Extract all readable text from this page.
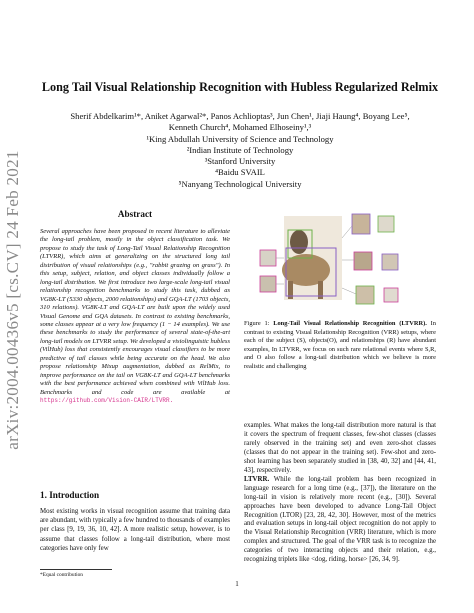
arXiv:2004.00436v5 [cs.CV] 24 Feb 2021
Long Tail Visual Relationship Recognition with Hubless Regularized Relmix
Sherif Abdelkarim¹*, Aniket Agarwal²*, Panos Achlioptas³, Jun Chen¹, Jiaji Haung⁴, Boyang Lee⁵,
Kenneth Church⁴, Mohamed Elhoseiny¹,³
¹King Abdullah University of Science and Technology
²Indian Institute of Technology
³Stanford University
⁴Baidu SVAIL
⁵Nanyang Technological University
Abstract
Several approaches have been proposed in recent literature to alleviate the long-tail problem, mostly in the object classification task. We propose to study the task of Long-Tail Visual Relationship Recognition (LTVRR), which aims at generalizing on the structured long tail distribution of visual relationships (e.g., "rabbit grazing on grass"). In this setup, subject, relation, and object classes individually follow a long-tail distribution. We first introduce two large-scale long-tail visual relationship recognition benchmarks to study this task, dubbed as VG8K-LT (5330 objects, 2000 relationships) and GQA-LT (1703 objects, 310 relations). VG8K-LT and GQA-LT are built upon the widely used Visual Genome and GQA datasets. In contrast to existing benchmarks, some classes appear at a very low frequency (1 − 14 examples). We use these benchmarks to study the performance of several state-of-the-art long-tail models on LTVRR setup. We developed a visiolinguistic hubless (VilHub) loss that consistently encourages visual classifiers to be more predictive of tail classes while being accurate on the head. We also propose relationship Mixup augmentation, dubbed as RelMix, to improve performance on the tail on VG8K-LT and GQA-LT benchmarks with the best performance achieved when combined with VilHub loss. Benchmarks and code are available at https://github.com/Vision-CAIR/LTVRR.
1. Introduction
Most existing works in visual recognition assume that training data are abundant, with typically a few hundred to thousands of examples per class [9, 19, 36, 10, 42]. A more realistic setup, however, is to assume that classes follow a long-tail distribution, where most categories have only few
*Equal contribution
Figure 1: Long-Tail Visual Relationship Recognition (LTVRR). In contrast to existing Visual Relationship Recognition (VRR) setups, where each of the subject (S), objects(O), and relationships (R) have abundant examples, In LTVRR, we focus on such rare relational events where S,R, and O also follow a long-tail distribution which we believe is more realistic and challenging
examples. What makes the long-tail distribution more natural is that it covers the spectrum of frequent classes, few-shot classes (classes rarely observed in the training set) and even zero-shot classes (classes that do not appear in the training set). Few-shot and zero-shot learning has been separately studied in [38, 40, 32] and [44, 41, 43], respectively.
LTVRR. While the long-tail problem has been recognized in language research for a long time (e.g., [37]), the literature on the long-tail in vision is relatively more recent (e.g., [30]). Several approaches have been developed to advance Long-Tail Object Recognition (LTOR) [23, 28, 42, 30]. However, most of the metrics and evaluation setups in long-tail object recognition do not apply to the Visual Relationship Recognition (VRR) literature, which is more complex and structured. The goal of the VRR task is to recognize the categories of two interacting objects and their relation, e.g., recognizing triplets like <dog, riding, horse> [26, 34, 9].
1
